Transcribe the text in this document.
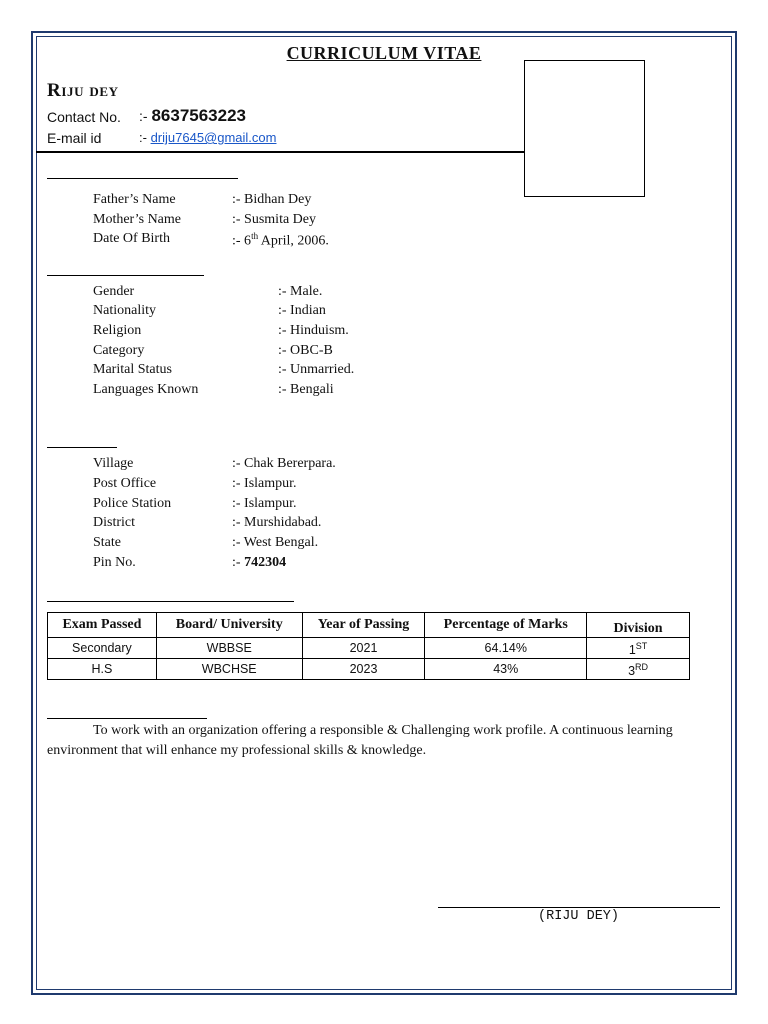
CURRICULUM VITAE
Riju dey
Contact No. :- 8637563223
E-mail id	:- driju7645@gmail.com
Father’s Name	:- Bidhan Dey
Mother’s Name	:- Susmita Dey
Date Of Birth	:- 6th April, 2006.
Gender	:- Male.
Nationality	:- Indian
Religion	:- Hinduism.
Category	:- OBC-B
Marital Status	:- Unmarried.
Languages Known	:- Bengali
Village	:- Chak Bererpara.
Post Office	:- Islampur.
Police Station	:- Islampur.
District	:- Murshidabad.
State	:- West Bengal.
Pin No.	:- 742304
Exam Passed	Board/ University	Year of Passing	Percentage of Marks	Division
Secondary	WBBSE	2021	64.14%	1ST
H.S	WBCHSE	2023	43%	3RD
To work with an organization offering a responsible & Challenging work profile. A continuous learning environment that will enhance my professional skills & knowledge.
(RIJU DEY)
